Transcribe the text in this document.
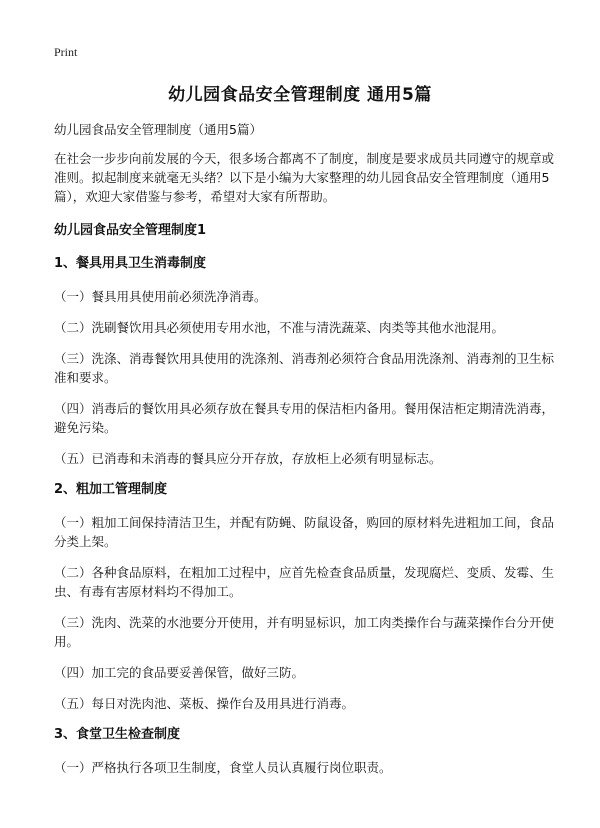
Print
幼儿园食品安全管理制度 通用5篇

幼儿园食品安全管理制度（通用5篇）

在社会一步步向前发展的今天，很多场合都离不了制度，制度是要求成员共同遵守的规章或准则。拟起制度来就毫无头绪？以下是小编为大家整理的幼儿园食品安全管理制度（通用5篇），欢迎大家借鉴与参考，希望对大家有所帮助。

幼儿园食品安全管理制度1

1、餐具用具卫生消毒制度

（一）餐具用具使用前必须洗净消毒。

（二）洗刷餐饮用具必须使用专用水池，不准与清洗蔬菜、肉类等其他水池混用。

（三）洗涤、消毒餐饮用具使用的洗涤剂、消毒剂必须符合食品用洗涤剂、消毒剂的卫生标准和要求。

（四）消毒后的餐饮用具必须存放在餐具专用的保洁柜内备用。餐用保洁柜定期清洗消毒，避免污染。

（五）已消毒和未消毒的餐具应分开存放，存放柜上必须有明显标志。

2、粗加工管理制度

（一）粗加工间保持清洁卫生，并配有防蝇、防鼠设备，购回的原材料先进粗加工间，食品分类上架。

（二）各种食品原料，在粗加工过程中，应首先检查食品质量，发现腐烂、变质、发霉、生虫、有毒有害原材料均不得加工。

（三）洗肉、洗菜的水池要分开使用，并有明显标识，加工肉类操作台与蔬菜操作台分开使用。

（四）加工完的食品要妥善保管，做好三防。

（五）每日对洗肉池、菜板、操作台及用具进行消毒。

3、食堂卫生检查制度

（一）严格执行各项卫生制度，食堂人员认真履行岗位职责。
